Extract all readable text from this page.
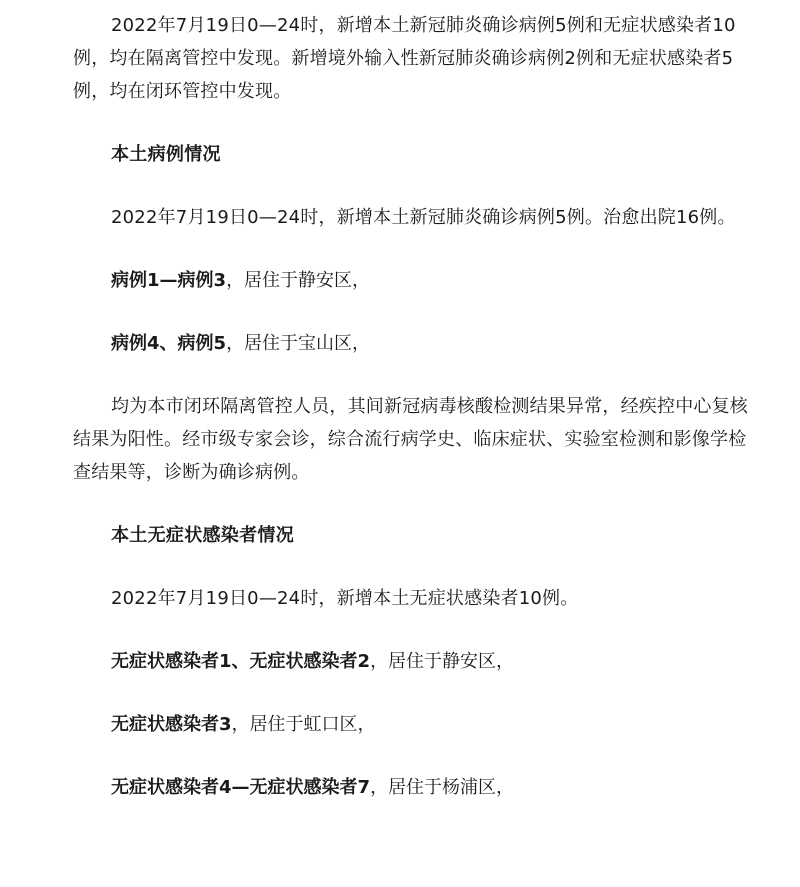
2022年7月19日0—24时，新增本土新冠肺炎确诊病例5例和无症状感染者10例，均在隔离管控中发现。新增境外输入性新冠肺炎确诊病例2例和无症状感染者5例，均在闭环管控中发现。

本土病例情况

2022年7月19日0—24时，新增本土新冠肺炎确诊病例5例。治愈出院16例。

病例1—病例3，居住于静安区，

病例4、病例5，居住于宝山区，

均为本市闭环隔离管控人员，其间新冠病毒核酸检测结果异常，经疾控中心复核结果为阳性。经市级专家会诊，综合流行病学史、临床症状、实验室检测和影像学检查结果等，诊断为确诊病例。

本土无症状感染者情况

2022年7月19日0—24时，新增本土无症状感染者10例。

无症状感染者1、无症状感染者2，居住于静安区，

无症状感染者3，居住于虹口区，

无症状感染者4—无症状感染者7，居住于杨浦区，
